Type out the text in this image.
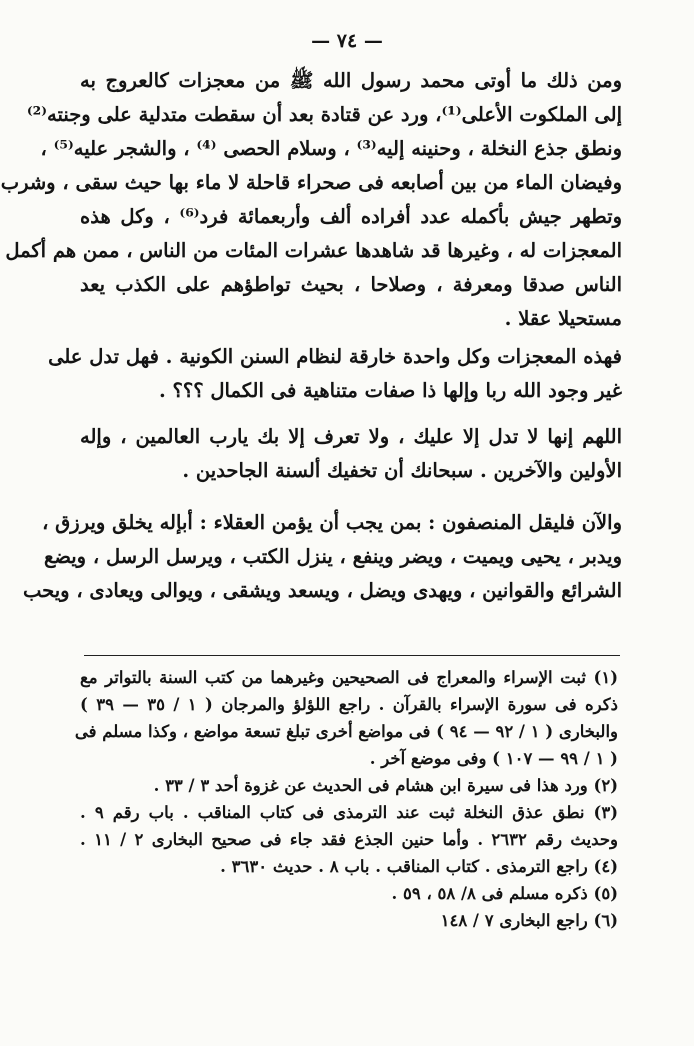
— ٧٤ —
ومن ذلك ما أوتى محمد رسول الله ﷺ من معجزات كالعروج به
إلى الملكوت الأعلى⁽¹⁾، ورد عن قتادة بعد أن سقطت متدلية على وجنته⁽²⁾
ونطق جذع النخلة ، وحنينه إليه⁽³⁾ ، وسلام الحصى ⁽⁴⁾ ، والشجر عليه⁽⁵⁾ ،
وفيضان الماء من بين أصابعه فى صحراء قاحلة لا ماء بها حيث سقى ، وشرب
وتطهر جيش بأكمله عدد أفراده ألف وأربعمائة فرد⁽⁶⁾ ، وكل هذه
المعجزات له ، وغيرها قد شاهدها عشرات المئات من الناس ، ممن هم أكمل
الناس صدقا ومعرفة ، وصلاحا ، بحيث تواطؤهم على الكذب يعد
مستحيلا عقلا .
فهذه المعجزات وكل واحدة خارقة لنظام السنن الكونية . فهل تدل على
غير وجود الله ربا وإلها ذا صفات متناهية فى الكمال ؟؟؟ .
اللهم إنها لا تدل إلا عليك ، ولا تعرف إلا بك يارب العالمين ، وإله
الأولين والآخرين . سبحانك أن تخفيك ألسنة الجاحدين .
والآن فليقل المنصفون : بمن يجب أن يؤمن العقلاء : أبإله يخلق ويرزق ،
ويدبر ، يحيى ويميت ، ويضر وينفع ، ينزل الكتب ، ويرسل الرسل ، ويضع
الشرائع والقوانين ، ويهدى ويضل ، ويسعد ويشقى ، ويوالى ويعادى ، ويحب
(١) ثبت الإسراء والمعراج فى الصحيحين وغيرهما من كتب السنة بالتواتر مع
ذكره فى سورة الإسراء بالقرآن . راجع اللؤلؤ والمرجان ( ١ / ٣٥ — ٣٩ )
والبخارى ( ١ / ٩٢ — ٩٤ ) فى مواضع أخرى تبلغ تسعة مواضع ، وكذا مسلم فى
( ١ / ٩٩ — ١٠٧ ) وفى موضع آخر .
(٢) ورد هذا فى سيرة ابن هشام فى الحديث عن غزوة أحد ٣ / ٣٣ .
(٣) نطق عذق النخلة ثبت عند الترمذى فى كتاب المناقب . باب رقم ٩ .
وحديث رقم ٢٦٣٢ . وأما حنين الجذع فقد جاء فى صحيح البخارى ٢ / ١١ .
(٤) راجع الترمذى . كتاب المناقب . باب ٨ . حديث ٣٦٣٠ .
(٥) ذكره مسلم فى ٨/ ٥٨ ، ٥٩ .
(٦) راجع البخارى ٧ / ١٤٨
